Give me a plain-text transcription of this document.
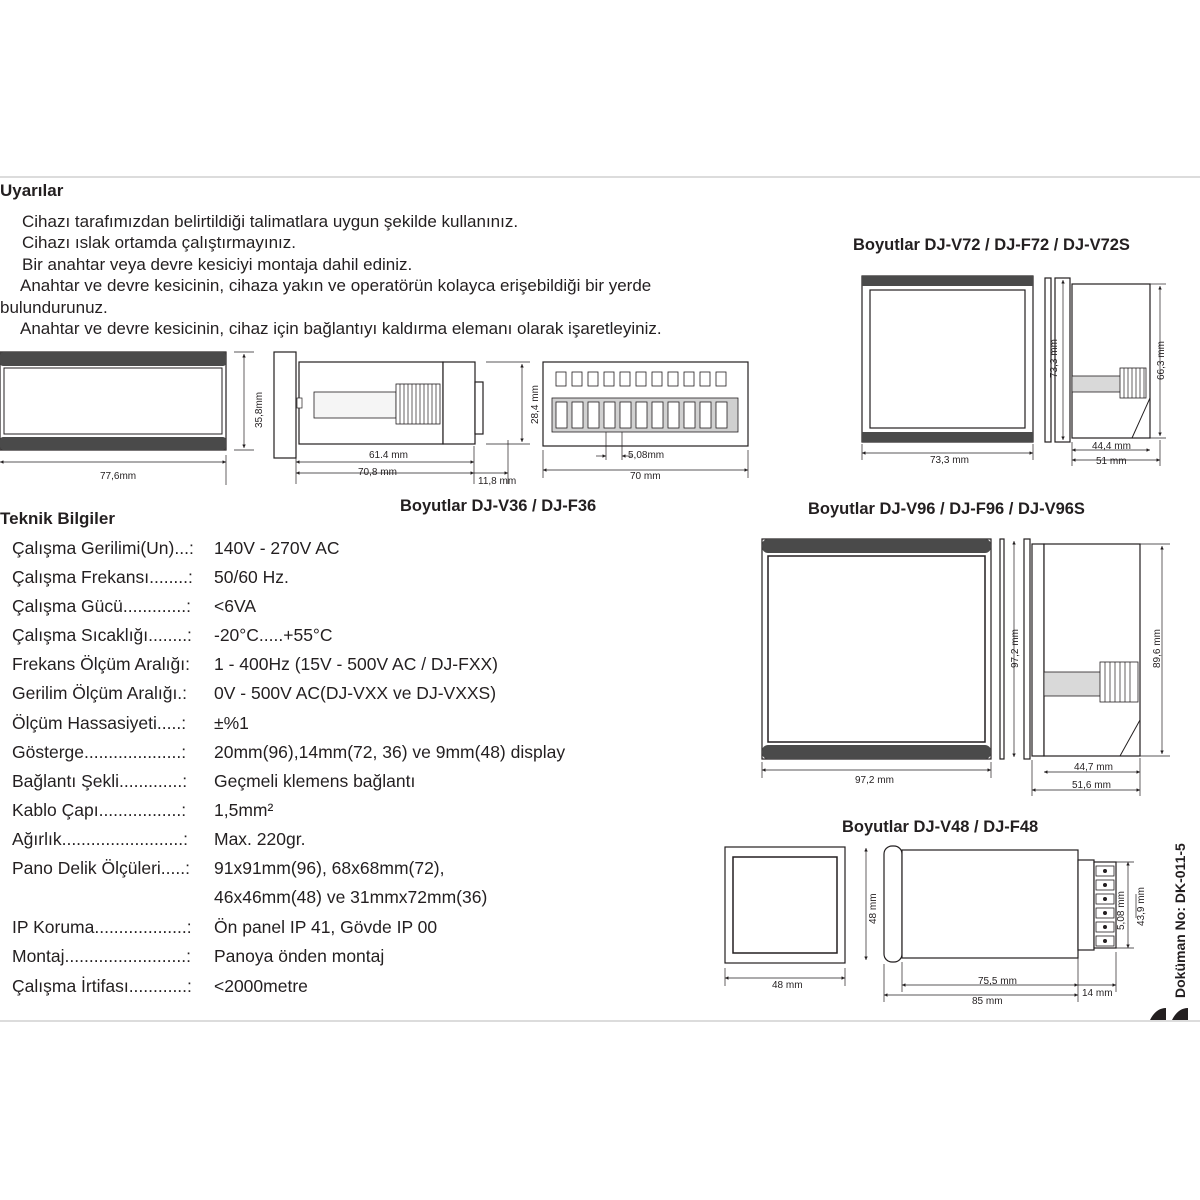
Uyarılar
Cihazı tarafımızdan belirtildiği talimatlara uygun şekilde kullanınız.
Cihazı ıslak ortamda çalıştırmayınız.
Bir anahtar veya devre kesiciyi montaja dahil ediniz.
Anahtar ve devre kesicinin, cihaza yakın ve operatörün kolayca erişebildiği bir yerde
bulundurunuz.
Anahtar ve devre kesicinin, cihaz için bağlantıyı kaldırma elemanı olarak işaretleyiniz.
Boyutlar DJ-V72 / DJ-F72 / DJ-V72S
Boyutlar DJ-V36 / DJ-F36	Boyutlar DJ-V96 / DJ-F96 / DJ-V96S
Boyutlar DJ-V48 / DJ-F48
Teknik Bilgiler
Çalışma Gerilimi(Un)...: 140V - 270V AC
Çalışma Frekansı........: 50/60 Hz.
Çalışma Gücü.............: <6VA
Çalışma Sıcaklığı........: -20°C.....+55°C
Frekans Ölçüm Aralığı: 1 - 400Hz (15V - 500V AC / DJ-FXX)
Gerilim Ölçüm Aralığı.: 0V - 500V AC(DJ-VXX ve DJ-VXXS)
Ölçüm Hassasiyeti.....: ±%1
Gösterge....................: 20mm(96),14mm(72, 36) ve 9mm(48) display
Bağlantı Şekli.............: Geçmeli klemens bağlantı
Kablo Çapı.................: 1,5mm²
Ağırlık.........................: Max. 220gr.
Pano Delik Ölçüleri.....: 91x91mm(96), 68x68mm(72),
46x46mm(48) ve 31mmx72mm(36)
IP Koruma...................: Ön panel IP 41, Gövde IP 00
Montaj.........................: Panoya önden montaj
Çalışma İrtifası............: <2000metre	Doküman No: DK-011-5
77,6mm
35,8mm
61.4 mm
70,8 mm
11,8 mm
28,4 mm
5,08mm
70 mm
73,3 mm
73,3 mm	66,3 mm
44,4 mm
51 mm
97,2 mm
97,2 mm	89,6 mm
44,7 mm
51,6 mm
48 mm
48 mm	5,08 mm 43,9 mm
75,5 mm
85 mm
14 mm
